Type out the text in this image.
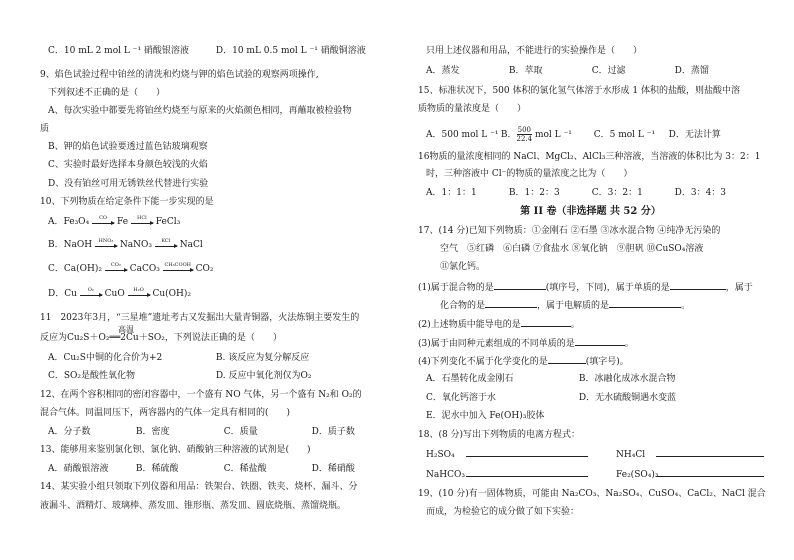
C．10 mL 2 mol L ⁻¹ 硝酸银溶液	D．10 mL 0.5 mol L ⁻¹ 硝酸铜溶液
9、焰色试验过程中铂丝的清洗和灼烧与钾的焰色试验的观察两项操作,
下列叙述不正确的是（　　）
A、每次实验中都要先将铂丝灼烧至与原来的火焰颜色相同，再蘸取被检验物
质
B、钾的焰色试验要透过蓝色钴玻璃观察
C、实验时最好选择本身颜色较浅的火焰
D、没有铂丝可用无锈铁丝代替进行实验
10、下列物质在给定条件下能一步实现的是
A．Fe₃O₄	CO	Fe	HCl FeCl₃
B．NaOH	HNO₃ NaNO₃	KCl	NaCl
C．Ca(OH)₂	CO₂ CaCO₃ CH₃COOH CO₂
D．Cu	O₂	CuO	H₂O Cu(OH)₂
11　2023年3月，“三星堆”遗址考古又发掘出大量青铜器，火法炼铜主要发生的
高温
反应为Cu₂S＋O₂══2Cu＋SO₂，下列说法正确的是（　　）
A．Cu₂S中铜的化合价为+2	B. 该反应为复分解反应
C．SO₂是酸性氧化物	D. 反应中氧化剂仅为O₂
12、在两个容积相同的密闭容器中，一个盛有 NO 气体，另一个盛有 N₂和 O₂的
混合气体。同温同压下，两容器内的气体一定具有相同的(　　)
A．分子数	B．密度	C．质量	D．质子数
13、能够用来鉴别氯化钡、氯化钠、硝酸钠三种溶液的试剂是(　　)
A．硝酸银溶液	B．稀硫酸	C．稀盐酸	D．稀硝酸
14、某实验小组只领取下列仪器和用品：铁架台、铁圈、铁夹、烧杯、漏斗、分
液漏斗、酒精灯、玻璃棒、蒸发皿、锥形瓶、蒸发皿、圆底烧瓶、蒸馏烧瓶。
只用上述仪器和用品，不能进行的实验操作是（　　）
A．蒸发	B．萃取	C．过滤	D．蒸馏
15、标准状况下，500 体积的氯化氢气体溶于水形成 1 体积的盐酸，则盐酸中溶
质物质的量浓度是（　　）
A．500 mol L ⁻¹ B． $\frac{500}{22.4}$ mol L ⁻¹ C．5 mol L ⁻¹ D．无法计算
16物质的量浓度相同的 NaCl、MgCl₂、AlCl₃三种溶液，当溶液的体积比为 3：2：1
时，三种溶液中 Cl⁻的物质的量浓度之比为（　　）
A．1：1：1	B．1：2：3	C．3：2：1	D．3：4：3
第 II 卷（非选择题 共 52 分）
17、(14 分)已知下列物质：①金刚石 ②石墨 ③冰水混合物 ④纯净无污染的
空气　⑤红磷　⑥白磷 ⑦食盐水 ⑧氧化钠　⑨胆矾 ⑩CuSO₄溶液
⑪氯化钙。
(1)属于混合物的是	(填序号，下同)，属于单质的是	，属于
化合物的是	，属于电解质的是	。
(2)上述物质中能导电的是	。
(3)属于由同种元素组成的不同单质的是	。
(4)下列变化不属于化学变化的是	(填字号)。
A．石墨转化成金刚石	B．冰融化成冰水混合物
C．氧化钙溶于水	D．无水硫酸铜遇水变蓝
E．泥水中加入 Fe(OH)₃胶体
18、(8 分)写出下列物质的电离方程式：
H₂SO₄	NH₄Cl
NaHCO₃	Fe₂(SO₄)₃
19、(10 分)有一固体物质，可能由 Na₂CO₃、Na₂SO₄、CuSO₄、CaCl₂、NaCl 混合
而成，为检验它的成分做了如下实验：
